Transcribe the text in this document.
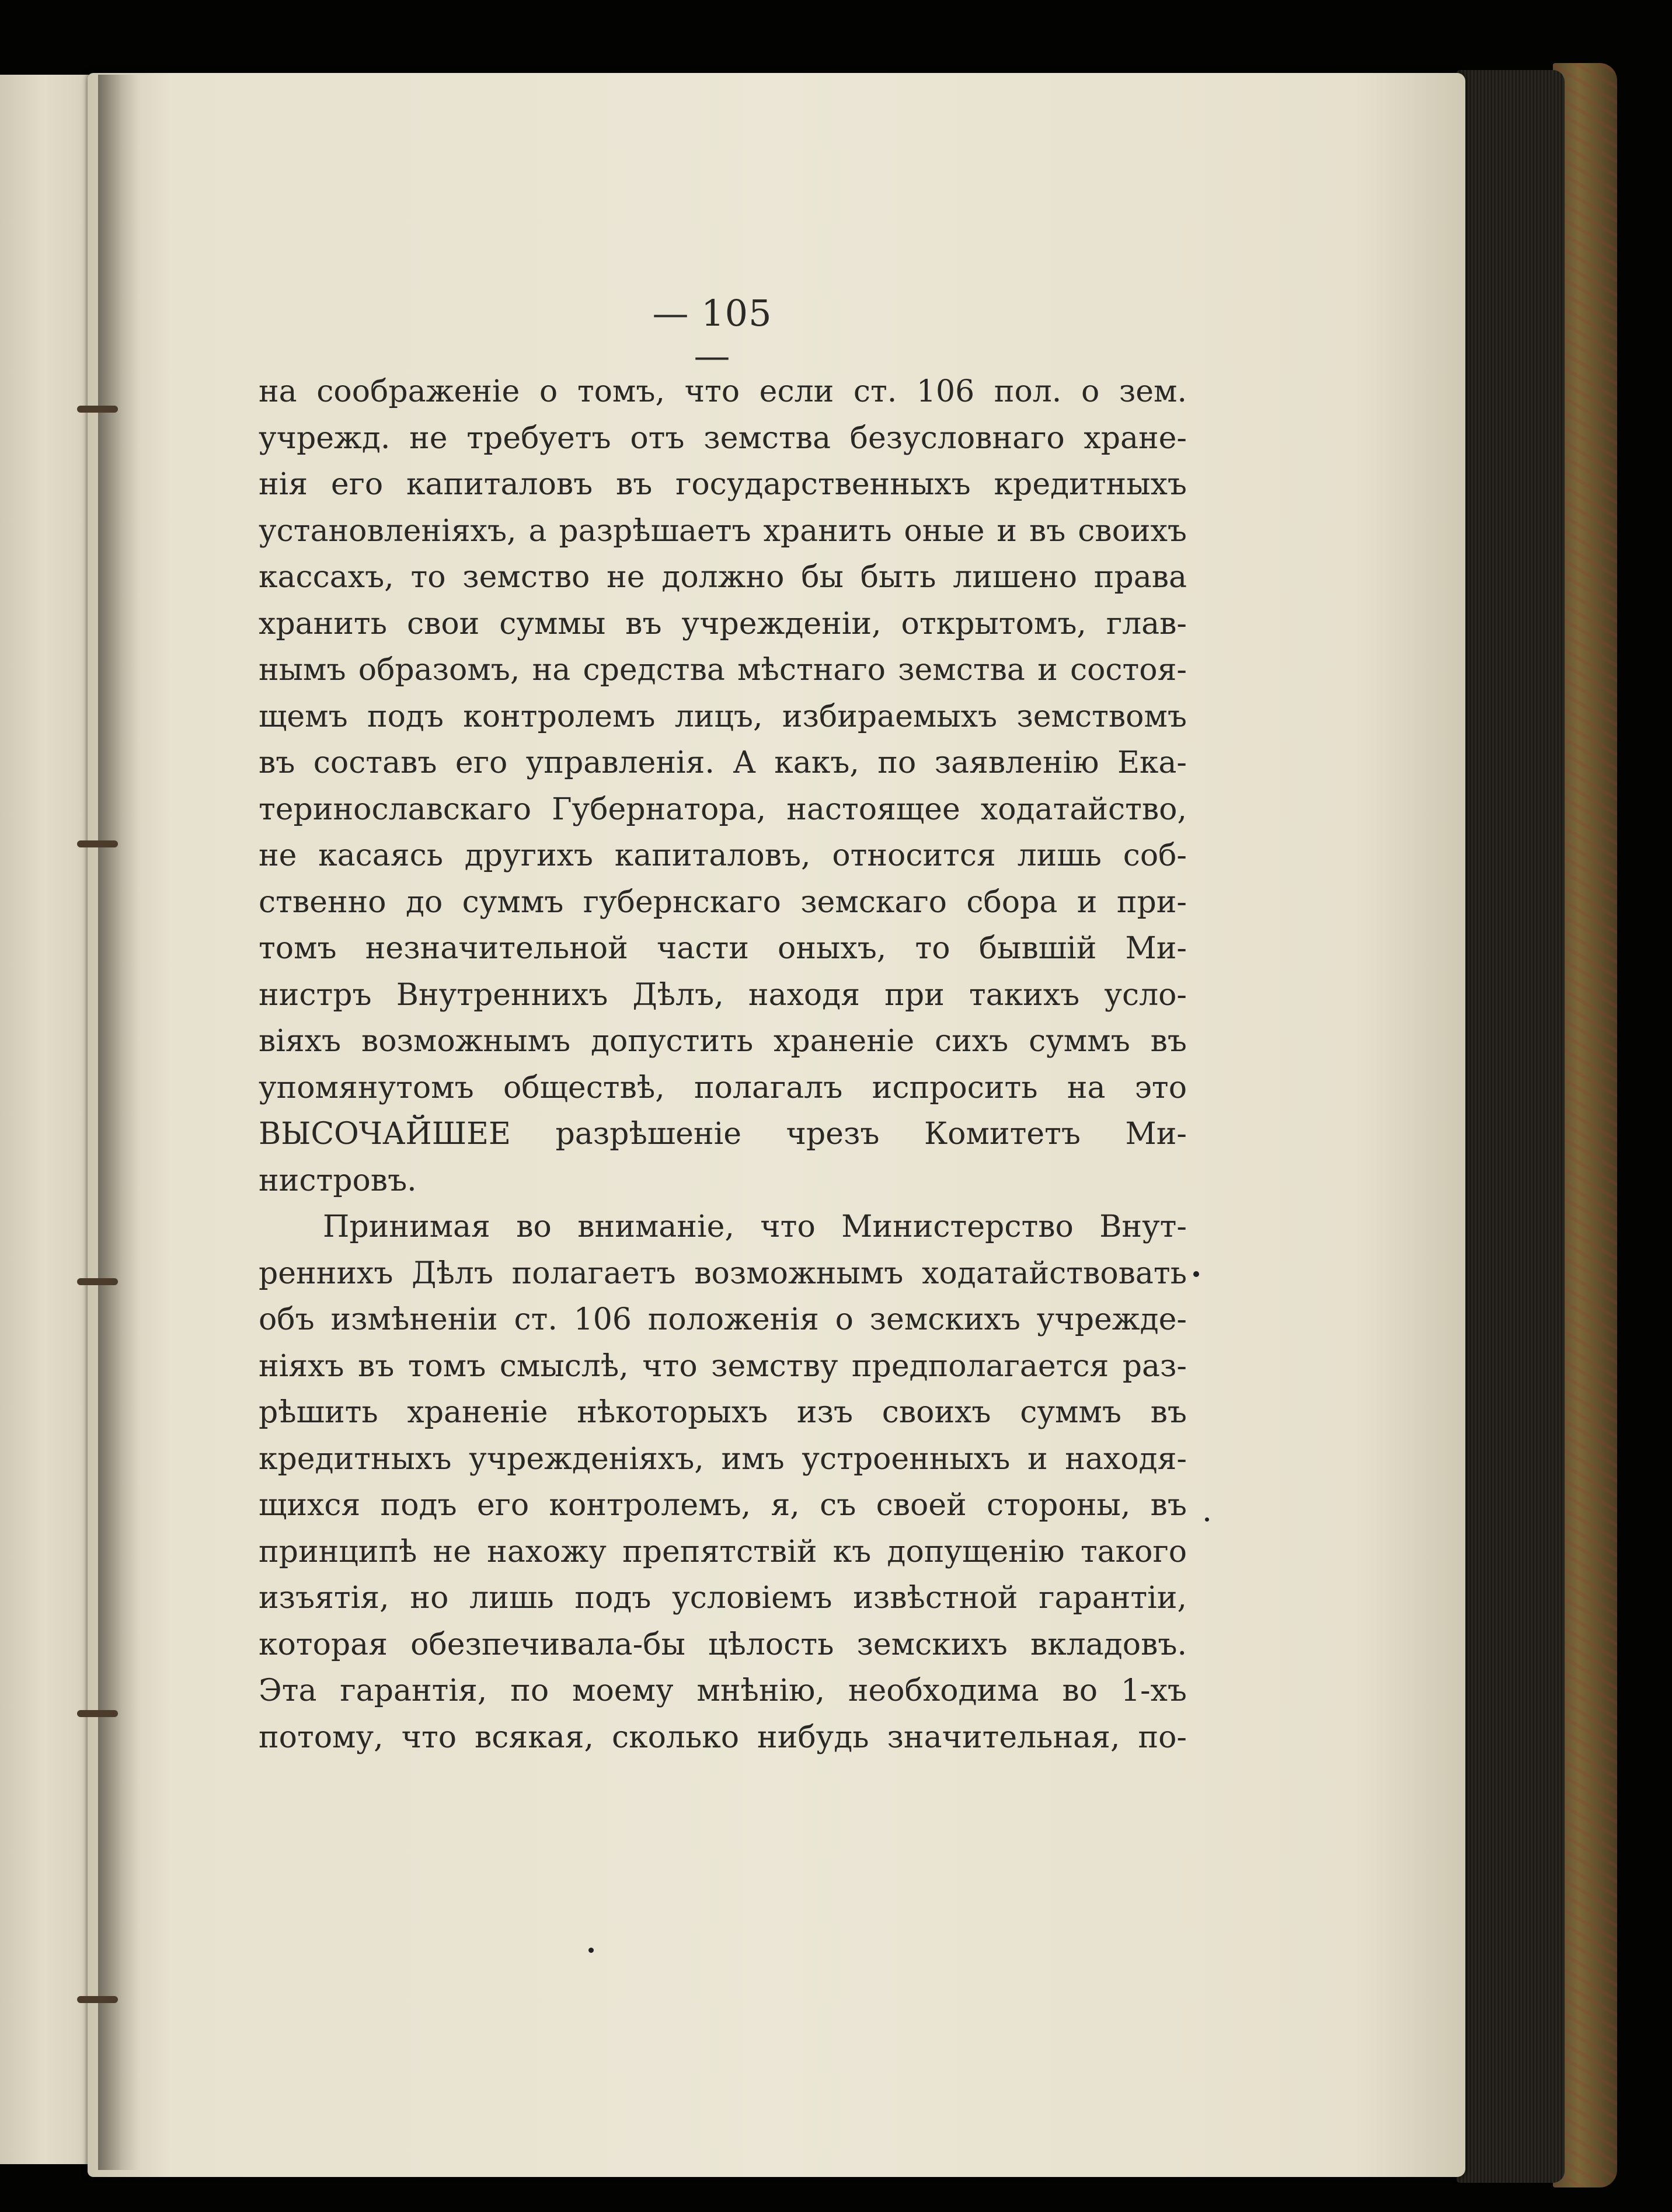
— 105 —
на соображеніе о томъ, что если ст. 106 пол. о зем.
учрежд. не требуетъ отъ земства безусловнаго хране-
нія его капиталовъ въ государственныхъ кредитныхъ
установленіяхъ, а разрѣшаетъ хранить оные и въ своихъ
кассахъ, то земство не должно бы быть лишено права
хранить свои суммы въ учрежденіи, открытомъ, глав-
нымъ образомъ, на средства мѣстнаго земства и состоя-
щемъ подъ контролемъ лицъ, избираемыхъ земствомъ
въ составъ его управленія. А какъ, по заявленію Ека-
теринославскаго Губернатора, настоящее ходатайство,
не касаясь другихъ капиталовъ, относится лишь соб-
ственно до суммъ губернскаго земскаго сбора и при-
томъ незначительной части оныхъ, то бывшій Ми-
нистръ Внутреннихъ Дѣлъ, находя при такихъ усло-
віяхъ возможнымъ допустить храненіе сихъ суммъ въ
упомянутомъ обществѣ, полагалъ испросить на это
ВЫСОЧАЙШЕЕ разрѣшеніе чрезъ Комитетъ Ми-
нистровъ.
Принимая во вниманіе, что Министерство Внут-
реннихъ Дѣлъ полагаетъ возможнымъ ходатайствовать
объ измѣненіи ст. 106 положенія о земскихъ учрежде-
ніяхъ въ томъ смыслѣ, что земству предполагается раз-
рѣшить храненіе нѣкоторыхъ изъ своихъ суммъ въ
кредитныхъ учрежденіяхъ, имъ устроенныхъ и находя-
щихся подъ его контролемъ, я, съ своей стороны, въ
принципѣ не нахожу препятствій къ допущенію такого
изъятія, но лишь подъ условіемъ извѣстной гарантіи,
которая обезпечивала-бы цѣлость земскихъ вкладовъ.
Эта гарантія, по моему мнѣнію, необходима во 1-хъ
потому, что всякая, сколько нибудь значительная, по-
